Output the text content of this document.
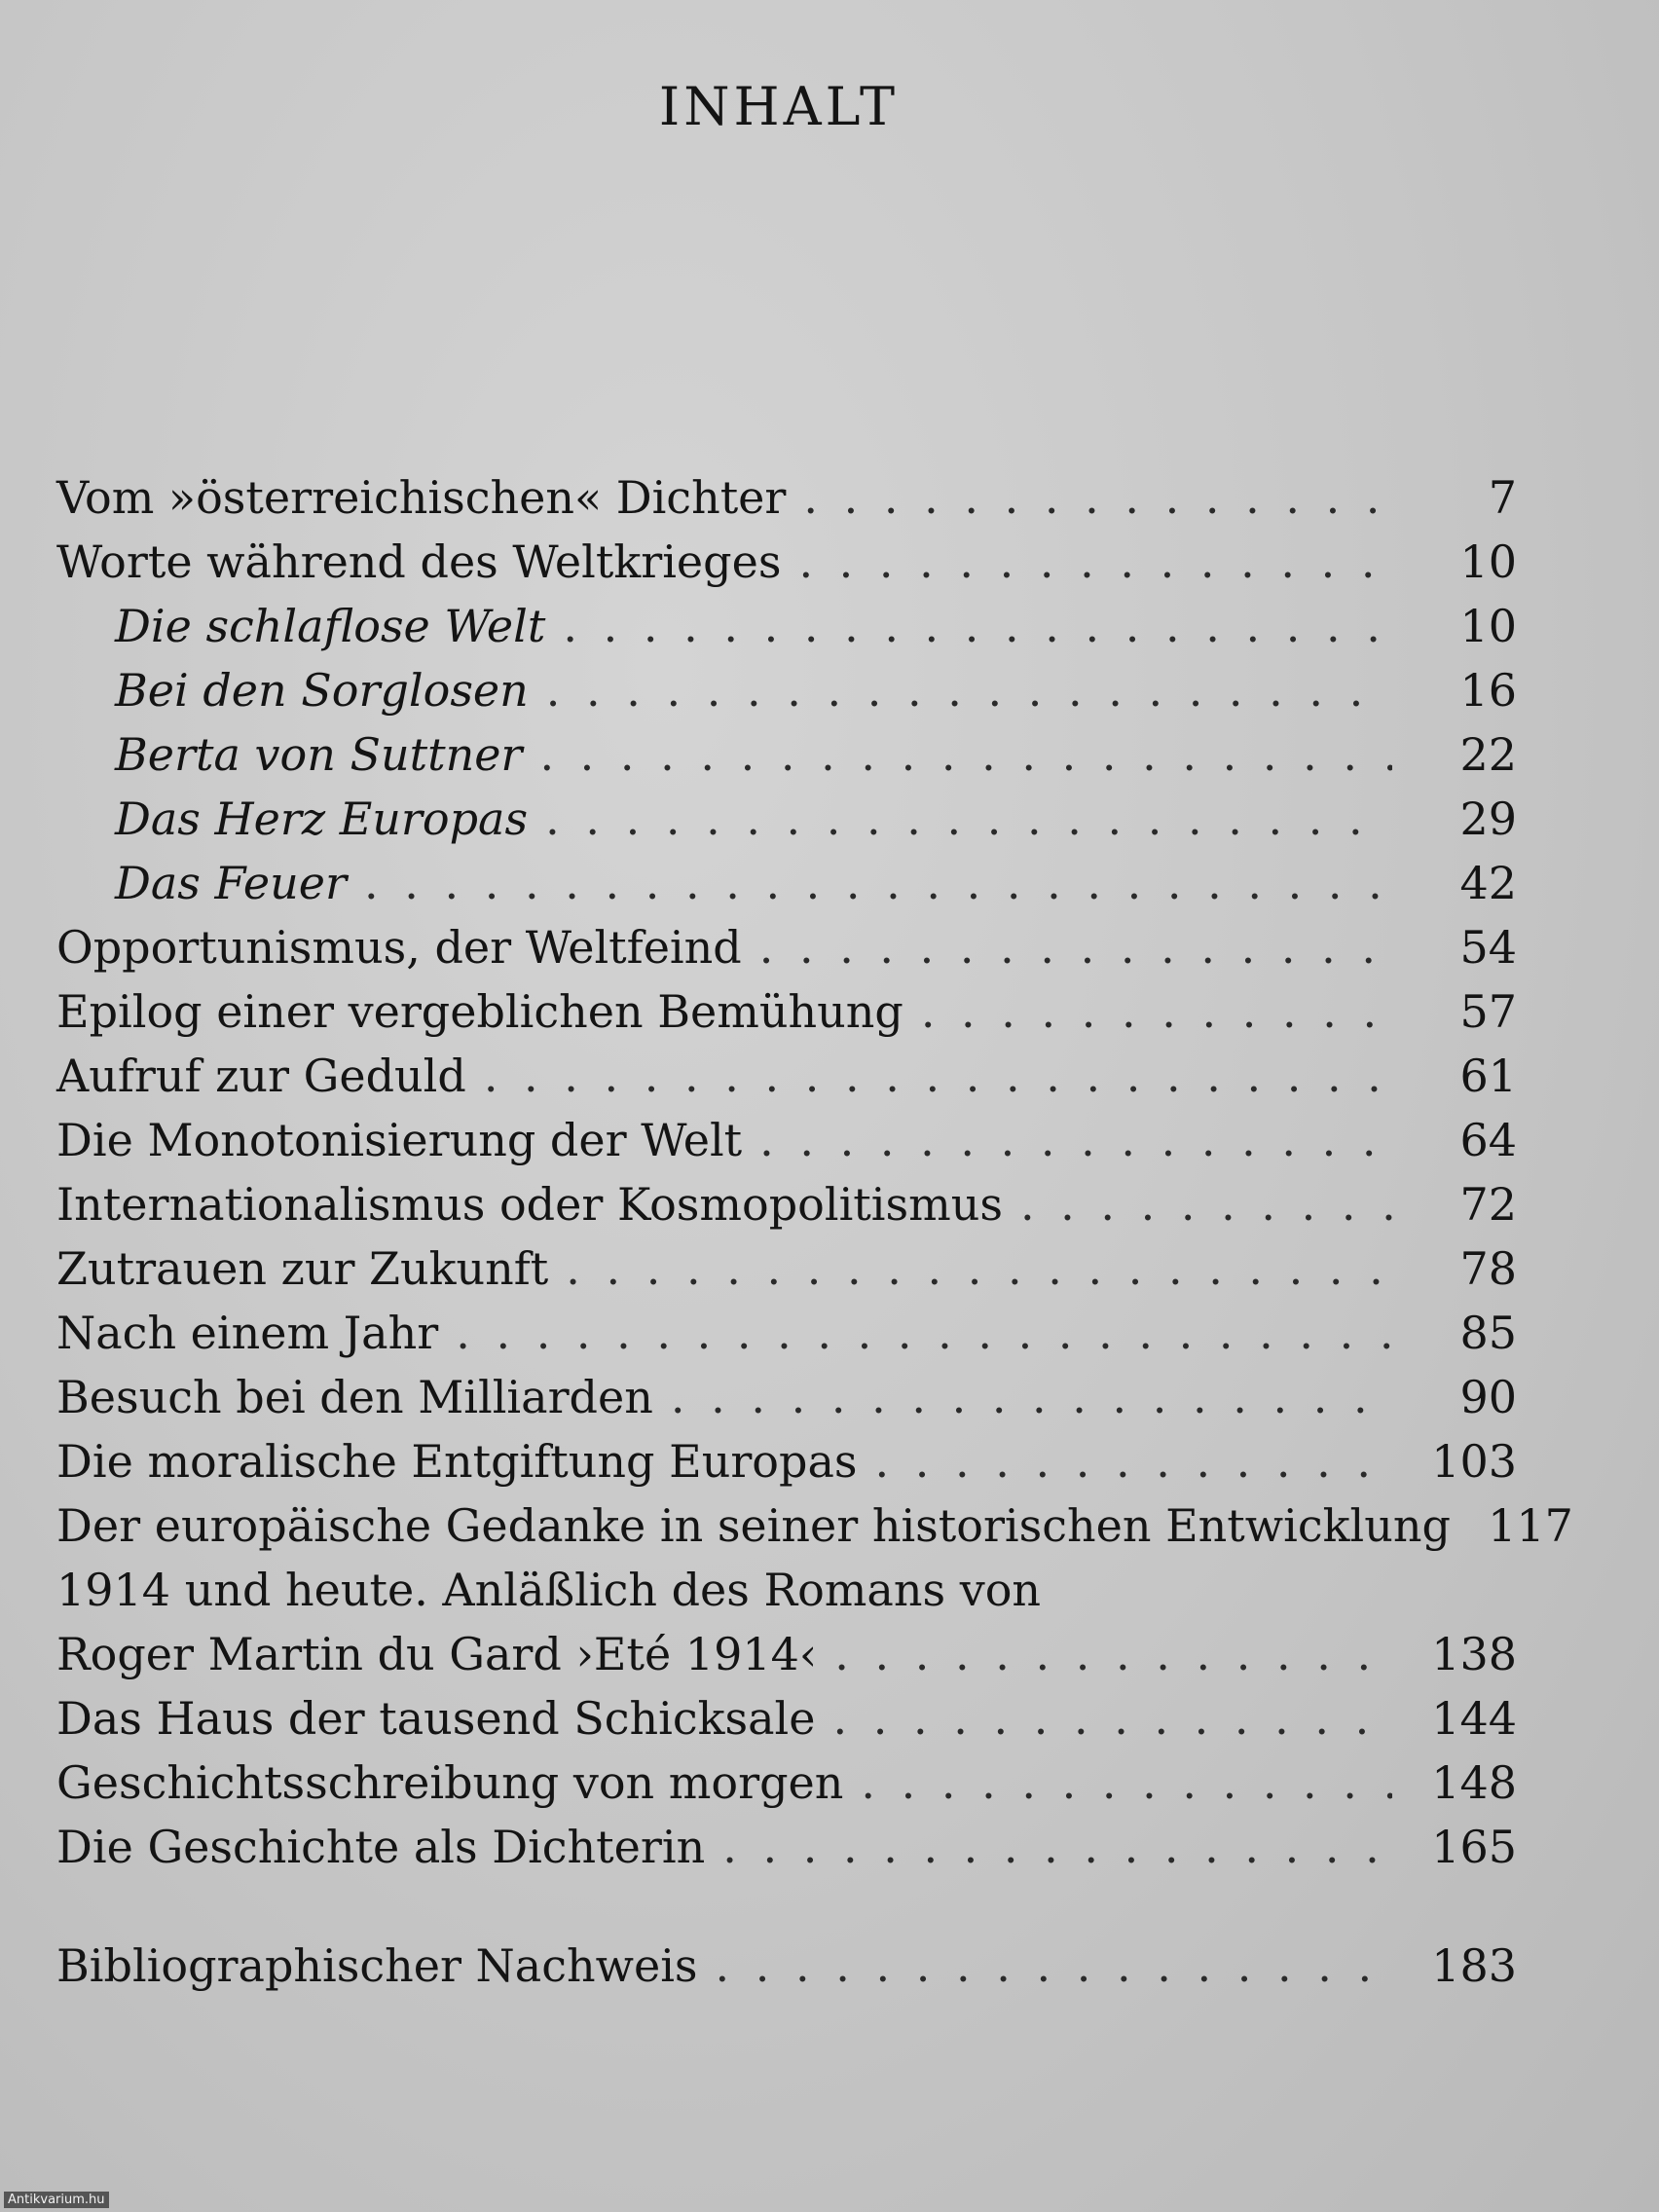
INHALT
Vom »österreichischen« Dichter . . .	7
Worte während des Weltkrieges . . .	10
Die schlaflose Welt . . .	10
Bei den Sorglosen . . .	16
Berta von Suttner . . .	22
Das Herz Europas . . .	29
Das Feuer . . .	42
Opportunismus, der Weltfeind . . .	54
Epilog einer vergeblichen Bemühung . . .	57
Aufruf zur Geduld . . .	61
Die Monotonisierung der Welt . . .	64
Internationalismus oder Kosmopolitismus . . .	72
Zutrauen zur Zukunft . . .	78
Nach einem Jahr . . .	85
Besuch bei den Milliarden . . .	90
Die moralische Entgiftung Europas . . .	103
Der europäische Gedanke in seiner historischen Entwicklung 117
1914 und heute. Anläßlich des Romans von
Roger Martin du Gard ›Eté 1914‹ . . .	138
Das Haus der tausend Schicksale . . .	144
Geschichtsschreibung von morgen . . .	148
Die Geschichte als Dichterin . . .	165
Bibliographischer Nachweis . . .	183
Antikvarium.hu
